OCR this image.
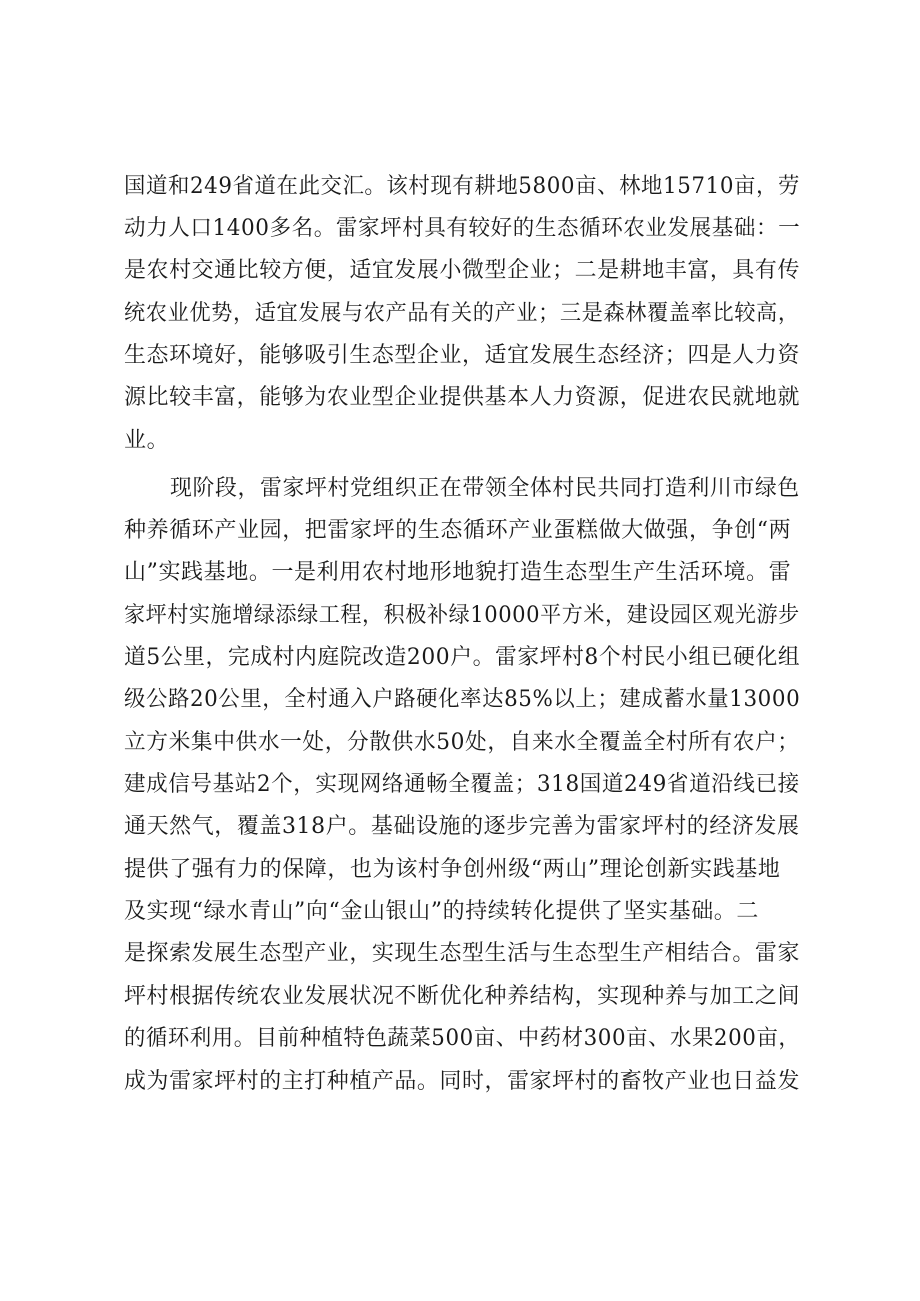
国道和249省道在此交汇。该村现有耕地5800亩、林地15710亩，劳
动力人口1400多名。雷家坪村具有较好的生态循环农业发展基础：一
是农村交通比较方便，适宜发展小微型企业；二是耕地丰富，具有传
统农业优势，适宜发展与农产品有关的产业；三是森林覆盖率比较高，
生态环境好，能够吸引生态型企业，适宜发展生态经济；四是人力资
源比较丰富，能够为农业型企业提供基本人力资源，促进农民就地就
业。
现阶段，雷家坪村党组织正在带领全体村民共同打造利川市绿色
种养循环产业园，把雷家坪的生态循环产业蛋糕做大做强，争创“两
山”实践基地。一是利用农村地形地貌打造生态型生产生活环境。雷
家坪村实施增绿添绿工程，积极补绿10000平方米，建设园区观光游步
道5公里，完成村内庭院改造200户。雷家坪村8个村民小组已硬化组
级公路20公里，全村通入户路硬化率达85%以上；建成蓄水量13000
立方米集中供水一处，分散供水50处，自来水全覆盖全村所有农户；
建成信号基站2个，实现网络通畅全覆盖；318国道249省道沿线已接
通天然气，覆盖318户。基础设施的逐步完善为雷家坪村的经济发展
提供了强有力的保障，也为该村争创州级“两山”理论创新实践基地
及实现“绿水青山”向“金山银山”的持续转化提供了坚实基础。二
是探索发展生态型产业，实现生态型生活与生态型生产相结合。雷家
坪村根据传统农业发展状况不断优化种养结构，实现种养与加工之间
的循环利用。目前种植特色蔬菜500亩、中药材300亩、水果200亩，
成为雷家坪村的主打种植产品。同时，雷家坪村的畜牧产业也日益发
